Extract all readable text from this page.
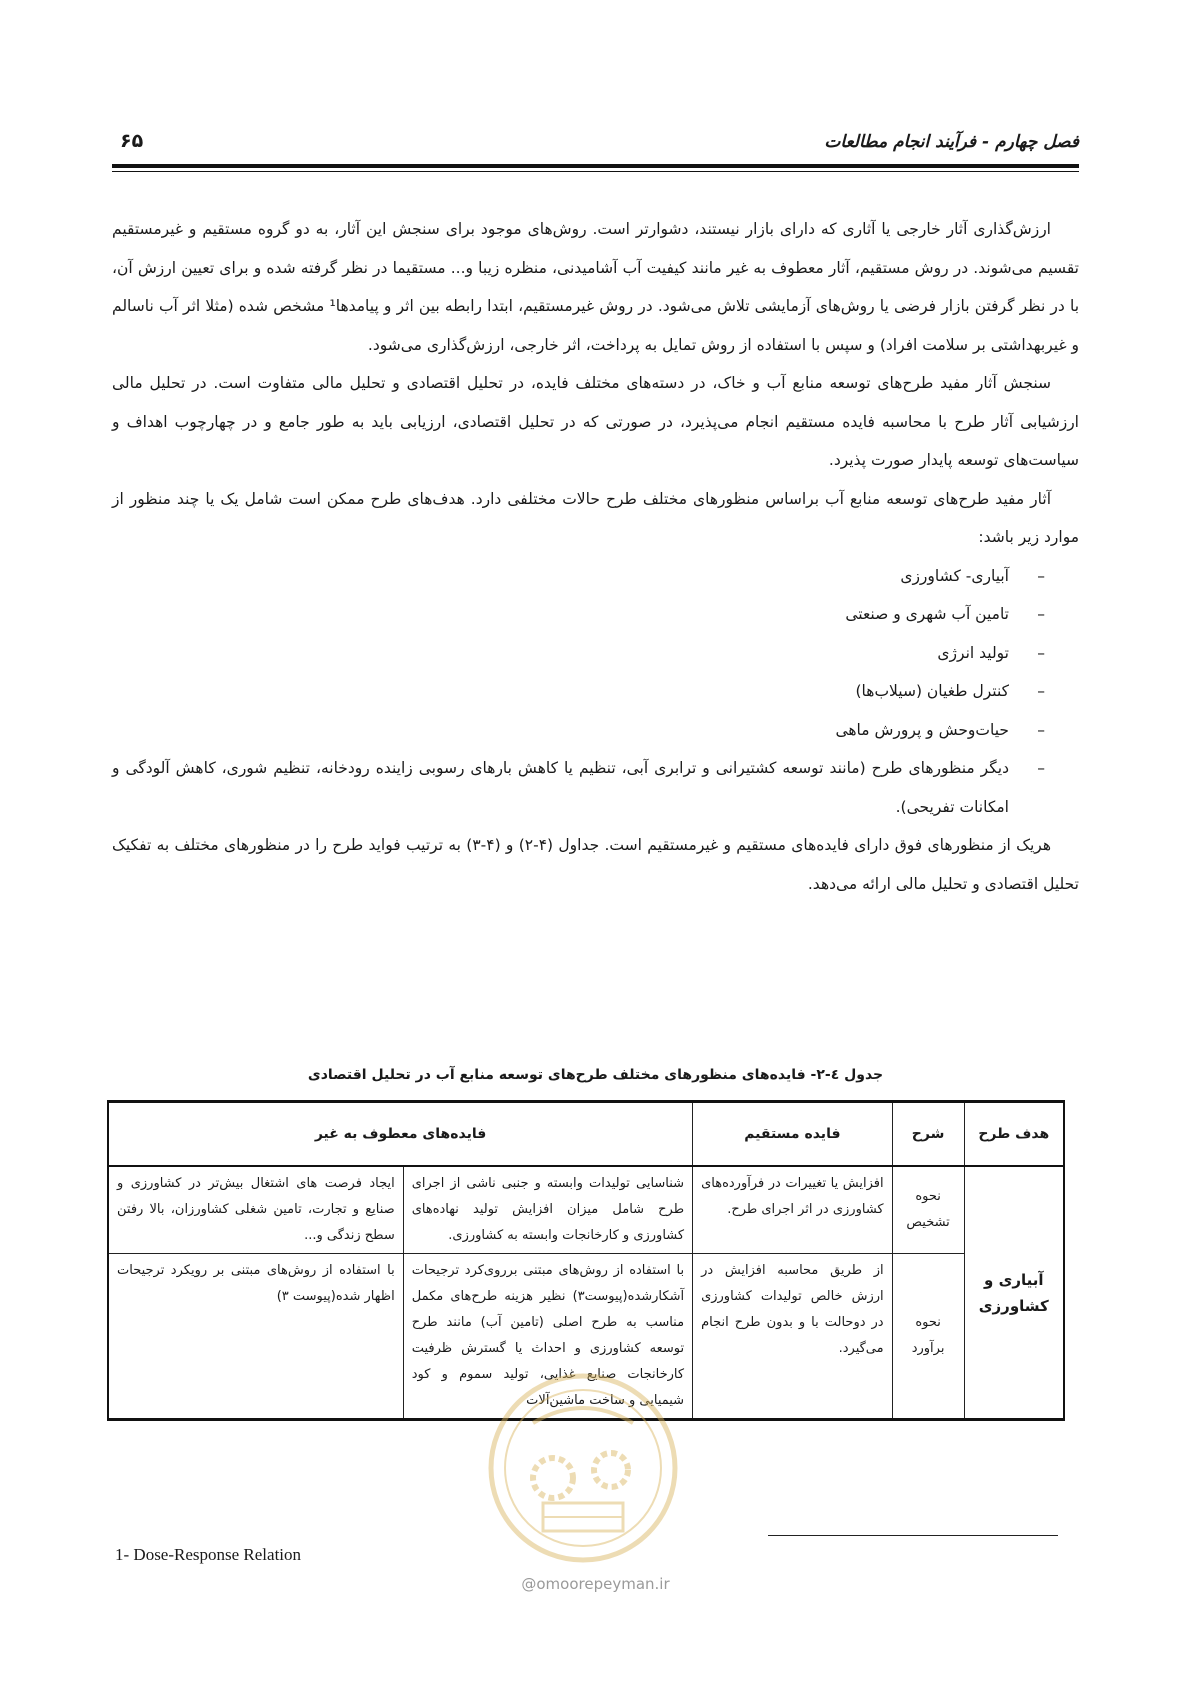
فصل چهارم - فرآیند انجام مطالعات
۶۵

ارزش‌گذاری آثار خارجی یا آثاری که دارای بازار نیستند، دشوارتر است. روش‌های موجود برای سنجش این آثار، به دو گروه مستقیم و غیرمستقیم تقسیم می‌شوند. در روش مستقیم، آثار معطوف به غیر مانند کیفیت آب آشامیدنی، منظره زیبا و... مستقیما در نظر گرفته شده و برای تعیین ارزش آن، با در نظر گرفتن بازار فرضی یا روش‌های آزمایشی تلاش می‌شود. در روش غیرمستقیم، ابتدا رابطه بین اثر و پیامدها¹ مشخص شده (مثلا اثر آب ناسالم و غیربهداشتی بر سلامت افراد) و سپس با استفاده از روش تمایل به پرداخت، اثر خارجی، ارزش‌گذاری می‌شود.

سنجش آثار مفید طرح‌های توسعه منابع آب و خاک، در دسته‌های مختلف فایده، در تحلیل اقتصادی و تحلیل مالی متفاوت است. در تحلیل مالی ارزشیابی آثار طرح با محاسبه فایده مستقیم انجام می‌پذیرد، در صورتی که در تحلیل اقتصادی، ارزیابی باید به طور جامع و در چهارچوب اهداف و سیاست‌های توسعه پایدار صورت پذیرد.

آثار مفید طرح‌های توسعه منابع آب براساس منظورهای مختلف طرح حالات مختلفی دارد. هدف‌های طرح ممکن است شامل یک یا چند منظور از موارد زیر باشد:

–
آبیاری- کشاورزی
–
تامین آب شهری و صنعتی
–
تولید انرژی
–
کنترل طغیان (سیلاب‌ها)
–
حیات‌وحش و پرورش ماهی
–
دیگر منظورهای طرح (مانند توسعه کشتیرانی و ترابری آبی، تنظیم یا کاهش بارهای رسوبی زاینده رودخانه، تنظیم شوری، کاهش آلودگی و امکانات تفریحی).

هریک از منظورهای فوق دارای فایده‌های مستقیم و غیرمستقیم است. جداول (۴-۲) و (۴-۳) به ترتیب فواید طرح را در منظورهای مختلف به تفکیک تحلیل اقتصادی و تحلیل مالی ارائه می‌دهد.

جدول ٤-۲- فایده‌های منظورهای مختلف طرح‌های توسعه منابع آب در تحلیل اقتصادی
هدف طرح	شرح	فایده مستقیم	فایده‌های معطوف به غیر	
آبیاری و کشاورزی	نحوه تشخیص	افزایش یا تغییرات در فرآورده‌های کشاورزی در اثر اجرای طرح.	شناسایی تولیدات وابسته و جنبی ناشی از اجرای طرح شامل میزان افزایش تولید نهاده‌های کشاورزی و کارخانجات وابسته به کشاورزی.	ایجاد فرصت های اشتغال بیش‌تر در کشاورزی و صنایع و تجارت، تامین شغلی کشاورزان، بالا رفتن سطح زندگی و...
	نحوه برآورد	از طریق محاسبه افزایش در ارزش خالص تولیدات کشاورزی در دوحالت با و بدون طرح انجام می‌گیرد.	با استفاده از روش‌های مبتنی برروی‌کرد ترجیحات آشکارشده(پیوست۳) نظیر هزینه طرح‌های مکمل مناسب به طرح اصلی (تامین آب) مانند طرح توسعه کشاورزی و احداث یا گسترش ظرفیت کارخانجات صنایع غذایی، تولید سموم و کود شیمیایی و ساخت ماشین‌آلات	با استفاده از روش‌های مبتنی بر رویکرد ترجیحات اظهار شده(پیوست ۳)
@omoorepeyman.ir
1- Dose-Response Relation
